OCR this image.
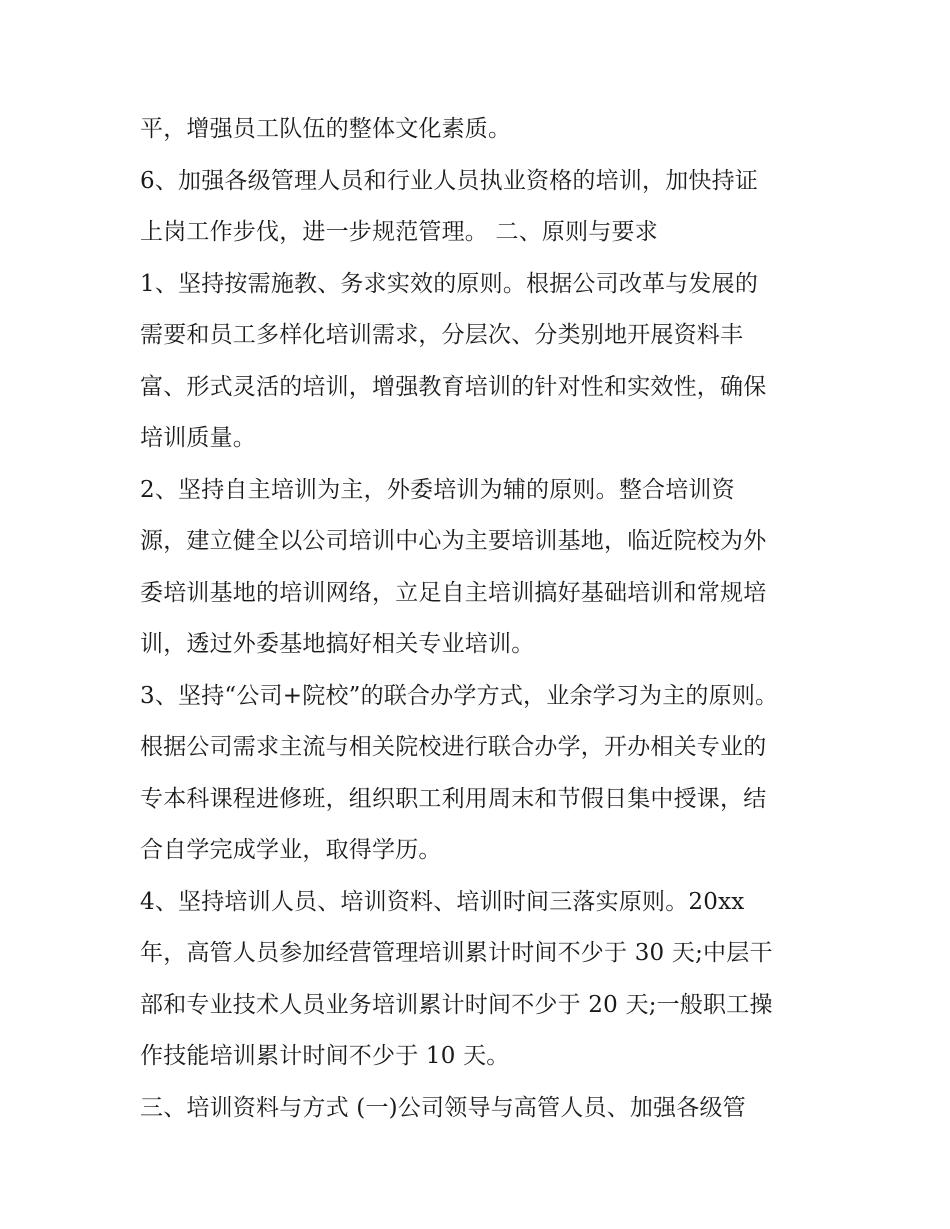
平，增强员工队伍的整体文化素质。
6、加强各级管理人员和行业人员执业资格的培训，加快持证
上岗工作步伐，进一步规范管理。 二、原则与要求
1、坚持按需施教、务求实效的原则。根据公司改革与发展的
需要和员工多样化培训需求，分层次、分类别地开展资料丰
富、形式灵活的培训，增强教育培训的针对性和实效性，确保
培训质量。
2、坚持自主培训为主，外委培训为辅的原则。整合培训资
源，建立健全以公司培训中心为主要培训基地，临近院校为外
委培训基地的培训网络，立足自主培训搞好基础培训和常规培
训，透过外委基地搞好相关专业培训。
3、坚持“公司+院校”的联合办学方式，业余学习为主的原则。
根据公司需求主流与相关院校进行联合办学，开办相关专业的
专本科课程进修班，组织职工利用周末和节假日集中授课，结
合自学完成学业，取得学历。
4、坚持培训人员、培训资料、培训时间三落实原则。20xx
年，高管人员参加经营管理培训累计时间不少于 30 天;中层干
部和专业技术人员业务培训累计时间不少于 20 天;一般职工操
作技能培训累计时间不少于 10 天。
三、培训资料与方式 (一)公司领导与高管人员、加强各级管
